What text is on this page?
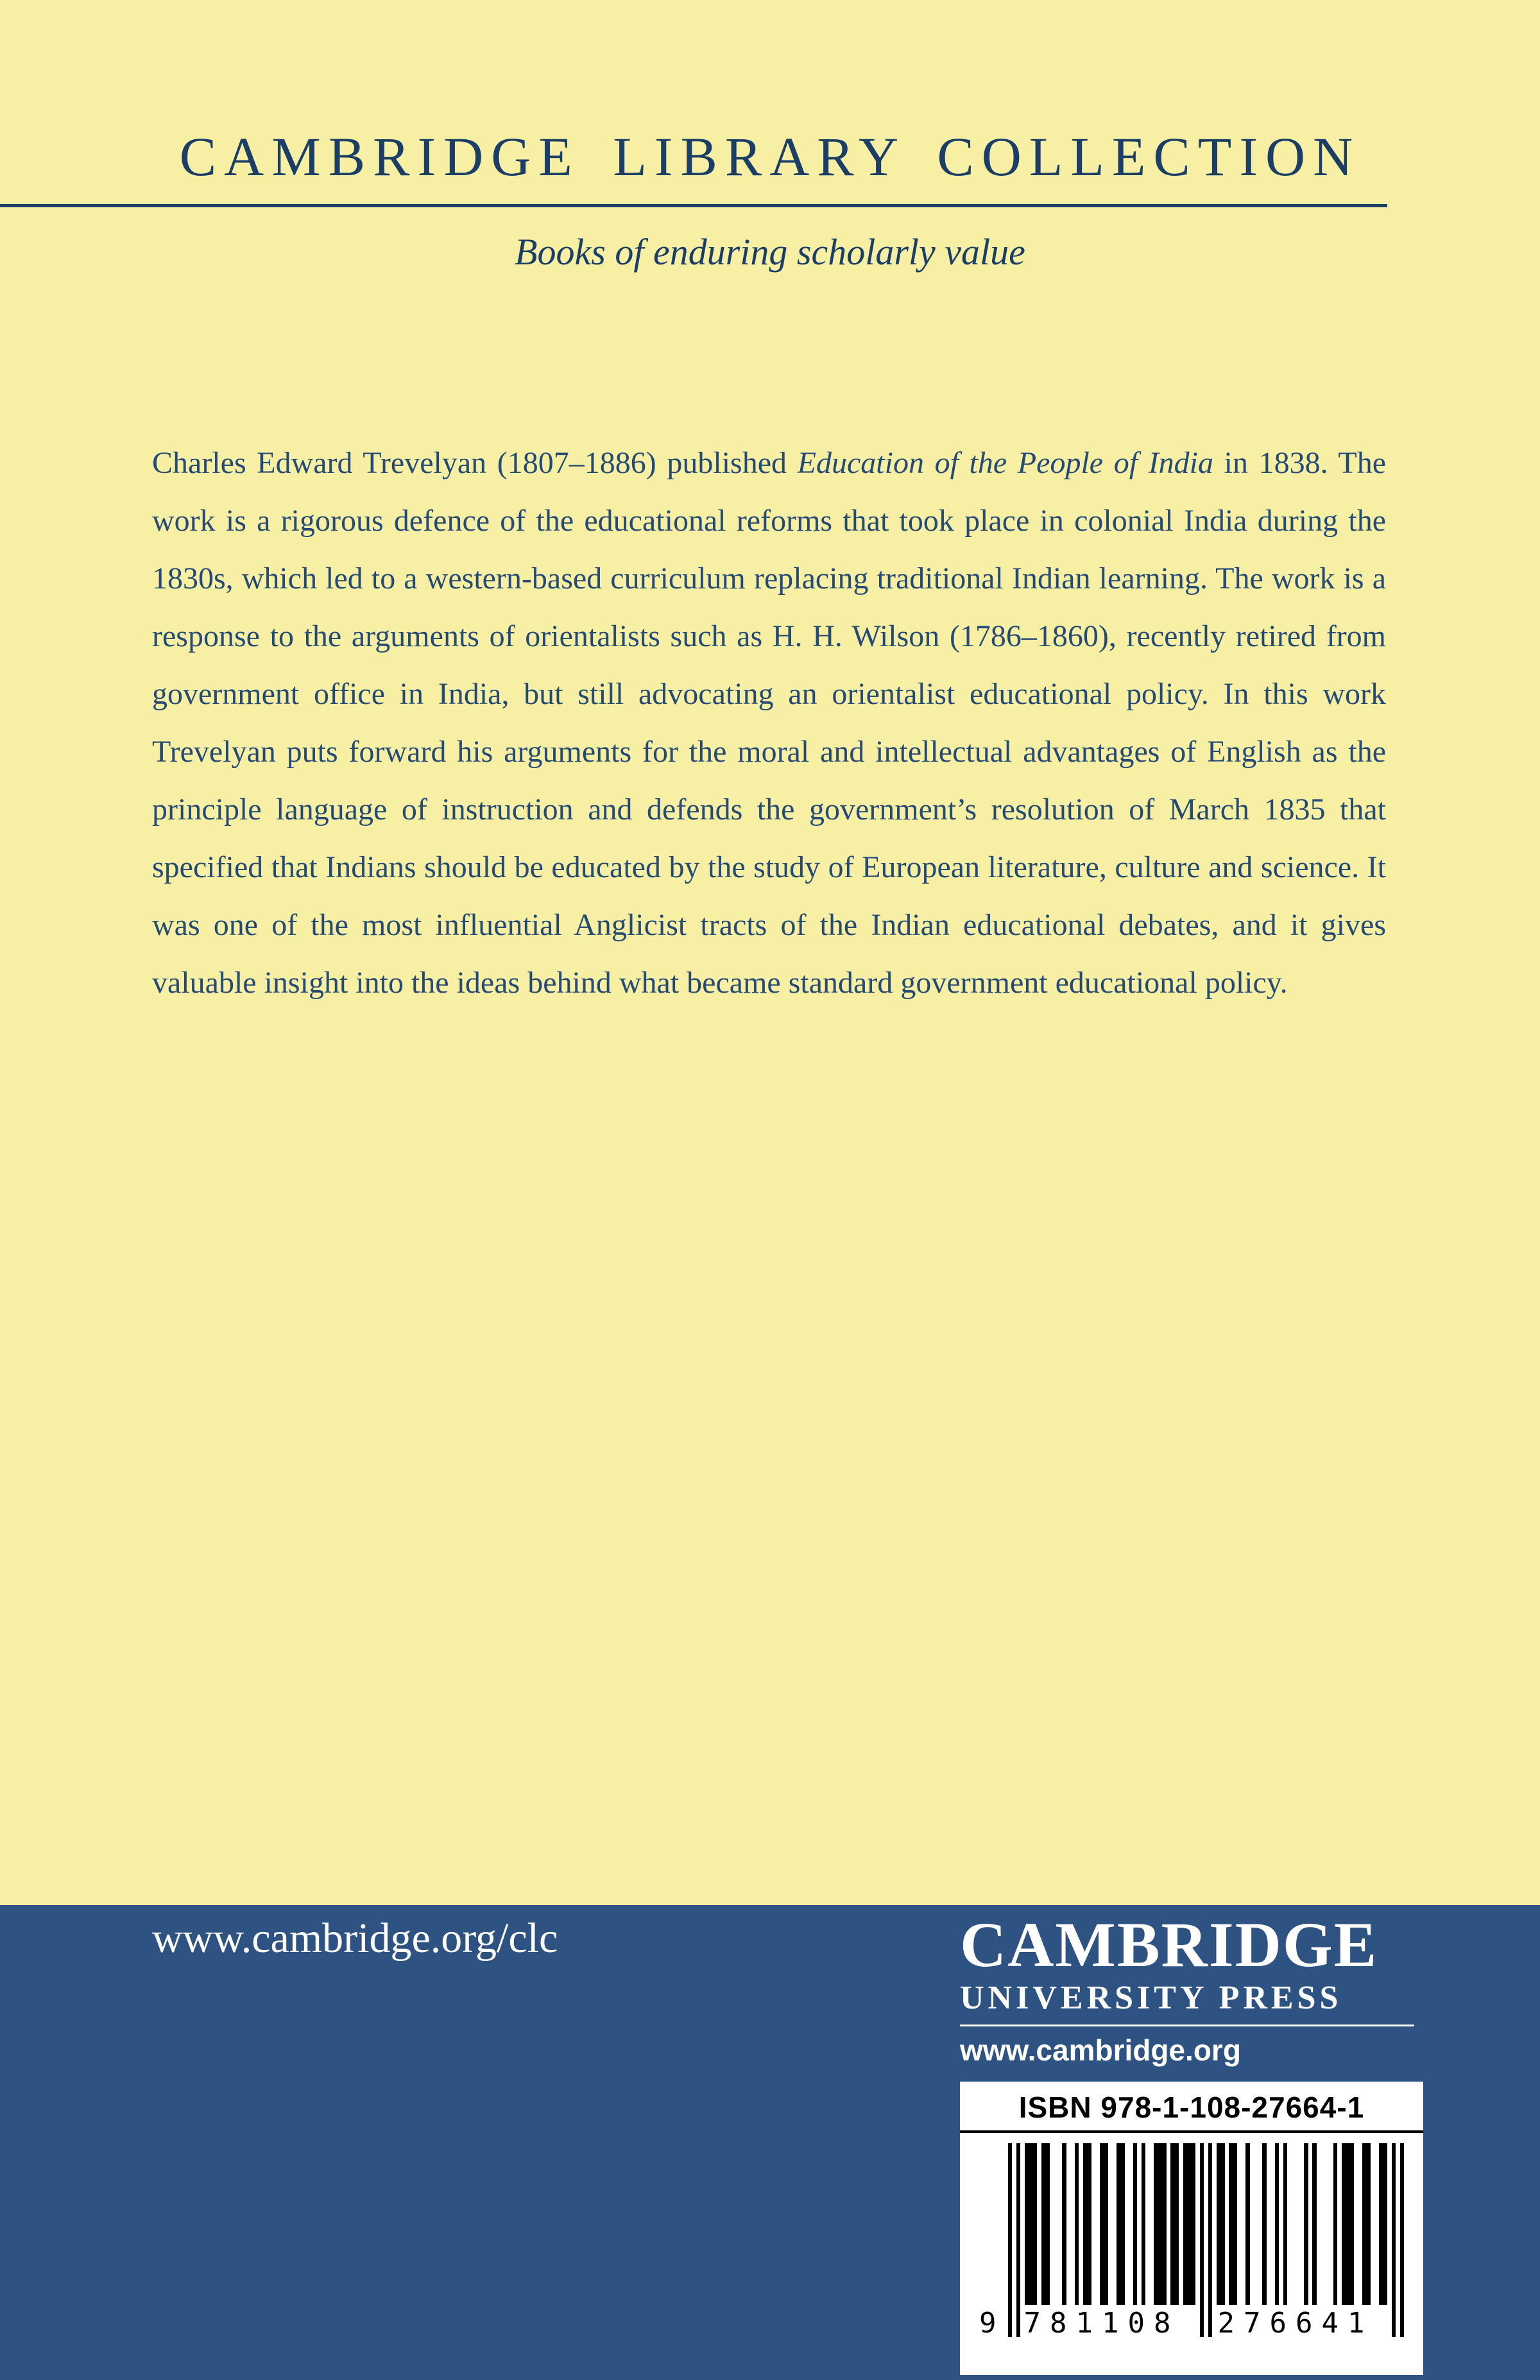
CAMBRIDGE LIBRARY COLLECTION
Books of enduring scholarly value

Charles Edward Trevelyan (1807–1886) published Education of the People of India in 1838. The work is a rigorous defence of the educational reforms that took place in colonial India during the 1830s, which led to a western-based curriculum replacing traditional Indian learning. The work is a response to the arguments of orientalists such as H. H. Wilson (1786–1860), recently retired from government office in India, but still advocating an orientalist educational policy. In this work Trevelyan puts forward his arguments for the moral and intellectual advantages of English as the principle language of instruction and defends the government’s resolution of March 1835 that specified that Indians should be educated by the study of European literature, culture and science. It was one of the most influential Anglicist tracts of the Indian educational debates, and it gives valuable insight into the ideas behind what became standard government educational policy.

www.cambridge.org/clc	CAMBRIDGE
UNIVERSITY PRESS
www.cambridge.org
ISBN 978-1-108-27664-1
9 781108 276641
